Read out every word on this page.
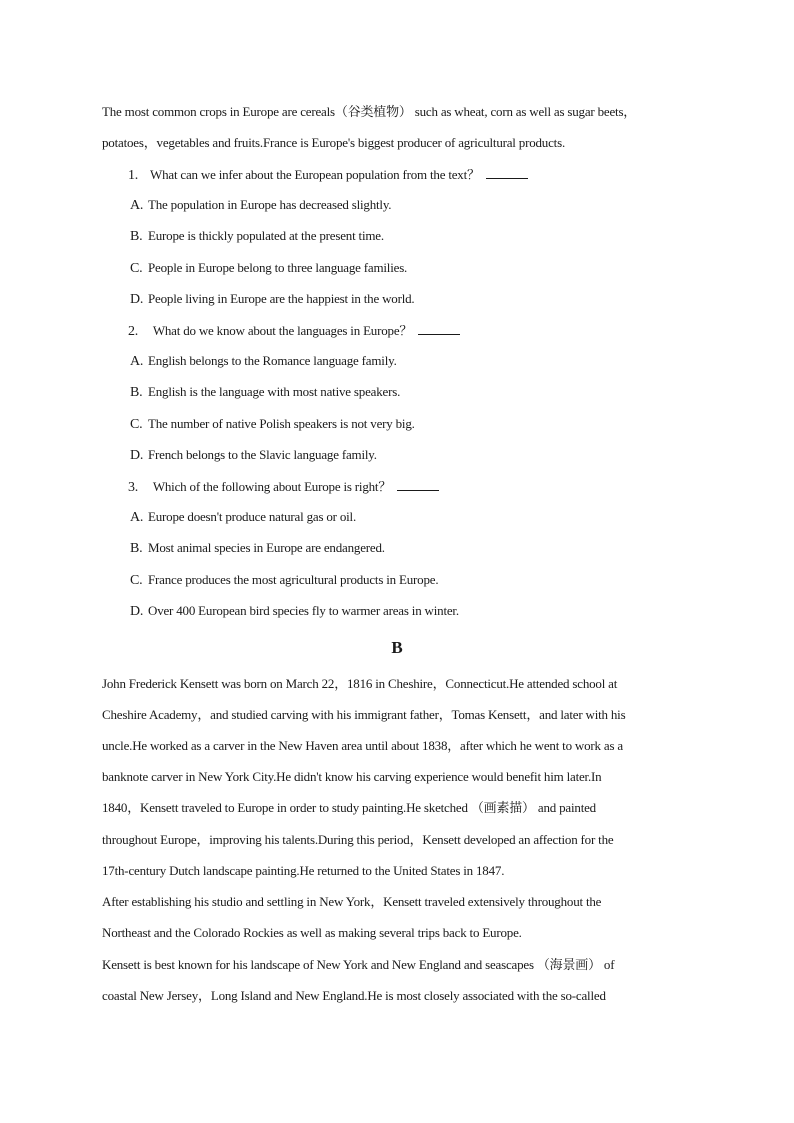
The most common crops in Europe are cereals（谷类植物） such as wheat, corn as well as sugar beets，
potatoes，vegetables and fruits.France is Europe's biggest producer of agricultural products.
1. What can we infer about the European population from the text？
A. The population in Europe has decreased slightly.
B. Europe is thickly populated at the present time.
C. People in Europe belong to three language families.
D. People living in Europe are the happiest in the world.
2. What do we know about the languages in Europe？
A. English belongs to the Romance language family.
B. English is the language with most native speakers.
C. The number of native Polish speakers is not very big.
D. French belongs to the Slavic language family.
3. Which of the following about Europe is right？
A. Europe doesn't produce natural gas or oil.
B. Most animal species in Europe are endangered.
C. France produces the most agricultural products in Europe.
D. Over 400 European bird species fly to warmer areas in winter.
B
John Frederick Kensett was born on March 22，1816 in Cheshire，Connecticut.He attended school at
Cheshire Academy，and studied carving with his immigrant father，Tomas Kensett，and later with his
uncle.He worked as a carver in the New Haven area until about 1838，after which he went to work as a
banknote carver in New York City.He didn't know his carving experience would benefit him later.In
1840，Kensett traveled to Europe in order to study painting.He sketched （画素描） and painted
throughout Europe，improving his talents.During this period，Kensett developed an affection for the
17th-century Dutch landscape painting.He returned to the United States in 1847.
After establishing his studio and settling in New York，Kensett traveled extensively throughout the
Northeast and the Colorado Rockies as well as making several trips back to Europe.
Kensett is best known for his landscape of New York and New England and seascapes （海景画） of
coastal New Jersey，Long Island and New England.He is most closely associated with the so-called
